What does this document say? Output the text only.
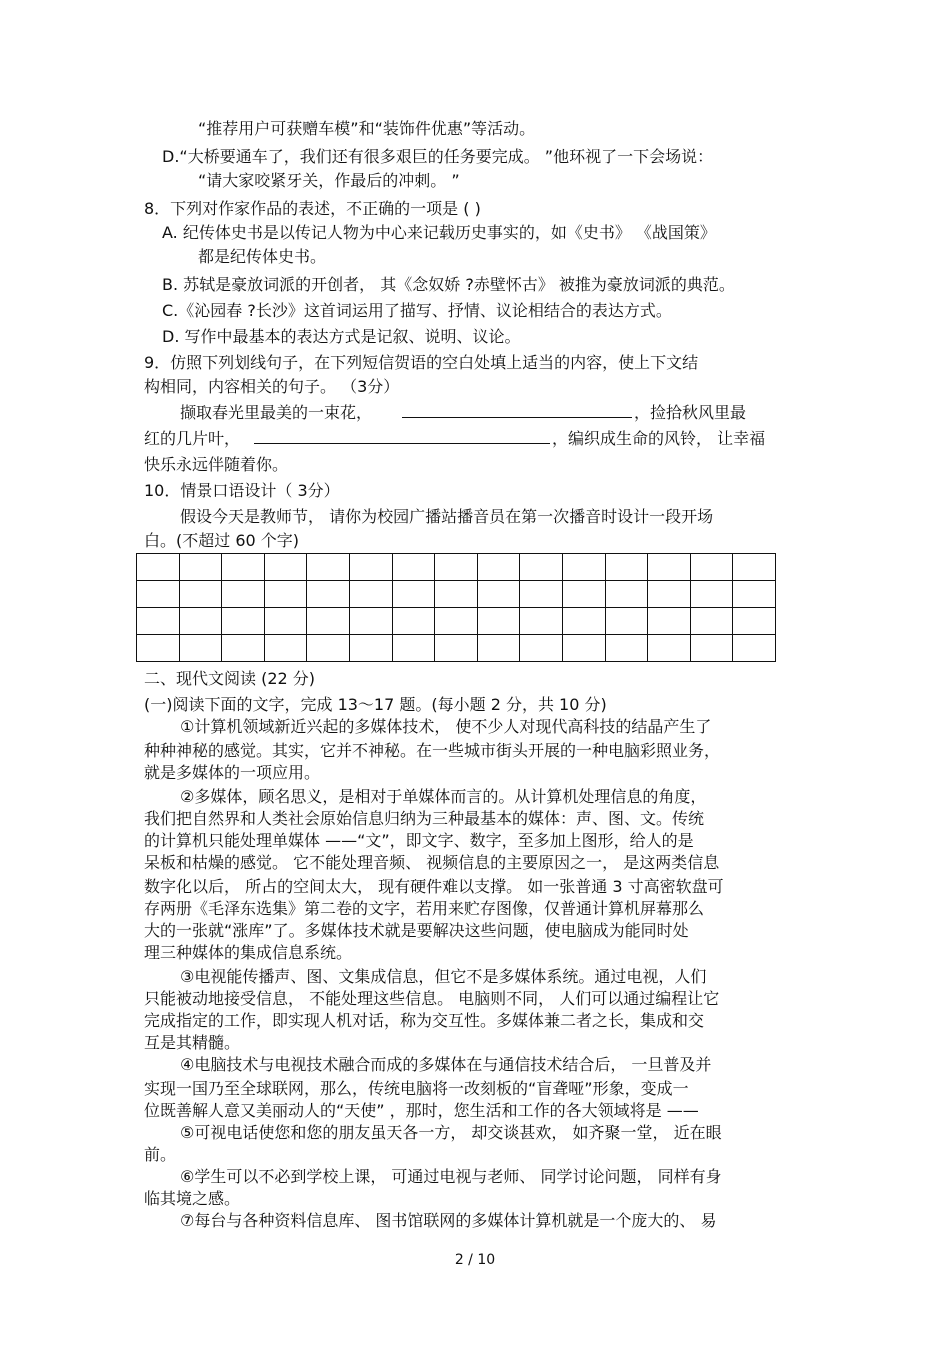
“推荐用户可获赠车模”和“装饰件优惠”等活动。

D.“大桥要通车了，我们还有很多艰巨的任务要完成。 ”他环视了一下会场说：

“请大家咬紧牙关，作最后的冲刺。 ”

8．下列对作家作品的表述，不正确的一项是 ( )

A. 纪传体史书是以传记人物为中心来记载历史事实的，如《史书》 《战国策》

都是纪传体史书。

B. 苏轼是豪放词派的开创者， 其《念奴娇 ?赤壁怀古》 被推为豪放词派的典范。

C.《沁园春 ?长沙》这首词运用了描写、抒情、议论相结合的表达方式。

D. 写作中最基本的表达方式是记叙、说明、议论。

9．仿照下列划线句子，在下列短信贺语的空白处填上适当的内容，使上下文结

构相同，内容相关的句子。 （3分）

撷取春光里最美的一束花，	，捡拾秋风里最

红的几片叶，	，编织成生命的风铃， 让幸福

快乐永远伴随着你。

10．情景口语设计（ 3分）

假设今天是教师节， 请你为校园广播站播音员在第一次播音时设计一段开场

白。(不超过 60 个字)

二、现代文阅读 (22 分)

(一)阅读下面的文字，完成 13～17 题。(每小题 2 分，共 10 分)

①计算机领域新近兴起的多媒体技术， 使不少人对现代高科技的结晶产生了

种种神秘的感觉。其实，它并不神秘。在一些城市街头开展的一种电脑彩照业务，

就是多媒体的一项应用。

②多媒体，顾名思义，是相对于单媒体而言的。从计算机处理信息的角度，

我们把自然界和人类社会原始信息归纳为三种最基本的媒体：声、图、文。传统

的计算机只能处理单媒体 ——“文”，即文字、数字，至多加上图形，给人的是

呆板和枯燥的感觉。 它不能处理音频、 视频信息的主要原因之一， 是这两类信息

数字化以后， 所占的空间太大， 现有硬件难以支撑。 如一张普通 3 寸高密软盘可

存两册《毛泽东选集》第二卷的文字，若用来贮存图像，仅普通计算机屏幕那么

大的一张就“涨库”了。多媒体技术就是要解决这些问题，使电脑成为能同时处

理三种媒体的集成信息系统。

③电视能传播声、图、文集成信息，但它不是多媒体系统。通过电视，人们

只能被动地接受信息， 不能处理这些信息。 电脑则不同， 人们可以通过编程让它

完成指定的工作，即实现人机对话，称为交互性。多媒体兼二者之长，集成和交

互是其精髓。

④电脑技术与电视技术融合而成的多媒体在与通信技术结合后， 一旦普及并

实现一国乃至全球联网，那么，传统电脑将一改刻板的“盲聋哑”形象，变成一

位既善解人意又美丽动人的“天使” ，那时，您生活和工作的各大领域将是 ——

⑤可视电话使您和您的朋友虽天各一方， 却交谈甚欢， 如齐聚一堂， 近在眼

前。

⑥学生可以不必到学校上课， 可通过电视与老师、 同学讨论问题， 同样有身

临其境之感。

⑦每台与各种资料信息库、 图书馆联网的多媒体计算机就是一个庞大的、 易

2 / 10
